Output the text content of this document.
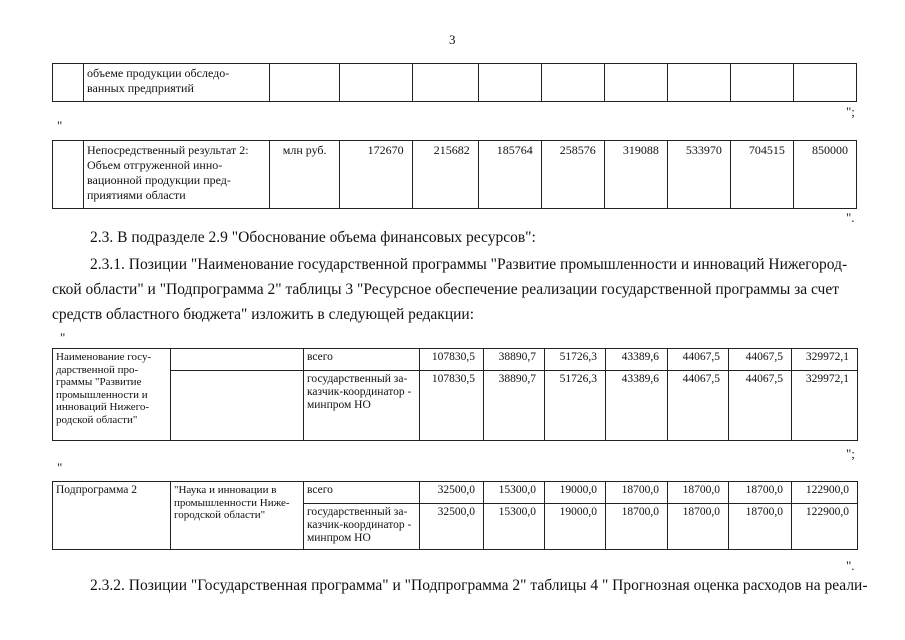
3
	объеме продукции обследо-ванных предприятий									
";
"
	Непосредственный результат 2: Объем отгруженной инно-вационной продукции пред-приятиями области	млн руб.	172670	215682	185764	258576	319088	533970	704515	850000
".
2.3. В подразделе 2.9 "Обоснование объема финансовых ресурсов":
2.3.1. Позиции "Наименование государственной программы "Развитие промышленности и инноваций Нижегород-
ской области" и "Подпрограмма 2" таблицы 3 "Ресурсное обеспечение реализации государственной программы за счет
средств областного бюджета" изложить в следующей редакции:
"
Наименование госу-дарственной про-граммы "Развитие промышленности и инноваций Нижего-родской области"		всего	107830,5	38890,7	51726,3	43389,6	44067,5	44067,5	329972,1
		государственный за-казчик-координатор - минпром НО	107830,5	38890,7	51726,3	43389,6	44067,5	44067,5	329972,1
";
"
Подпрограмма 2	"Наука и инновации в промышленности Ниже-городской области"	всего	32500,0	15300,0	19000,0	18700,0	18700,0	18700,0	122900,0
		государственный за-казчик-координатор - минпром НО	32500,0	15300,0	19000,0	18700,0	18700,0	18700,0	122900,0
".
2.3.2. Позиции "Государственная программа" и "Подпрограмма 2" таблицы 4 " Прогнозная оценка расходов на реали-
